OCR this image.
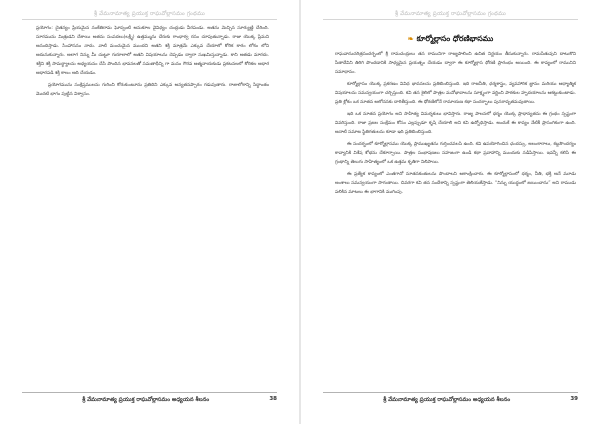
శ్రీ వేమనామాత్య ప్రయుక్త రాఘవోల్లాసమం గ్రంథము

ప్రయోగం: చైతన్యం ప్రియమైన నంకేతిరామ ఘోప్పంటి అనుకూల వైవిధ్యం చంద్రుడు వీరపండు. అతను మెచ్చిన సూర్యుణ్ణి చేరింది. సూరమును మిత్రుడని చేశాయి అతను సంపదలు(లక్ష్మీ) ఉత్తమ్మును చేరుకు గాంధార్వ రసం చూపుతున్నాడు. రాజు యొక్క ప్రేమని ఆనందిస్తాడు. సింహాసనం నాదు. వాటి మంచుమైన ముందని అతని శక్తి మాత్రమే ఎక్కువ చేయాలో కోరిక కారం లోకం లోని ఆదునుకున్నారు. అలాగ నిన్ను మీ చుట్టూ గురూలాలో అతని విషయాలను చెప్పడం ద్వారా సుఖమిస్తున్నాడు. కాని అతడు మారదు. శక్తిని శక్తి సామర్థ్యాలను అధ్యయనం చేసి పొందిన భావనలతో సమతాధీన్ని గా మనం గౌరవ ఆత్మనాయకుడు ప్రకటనలలో కోరికల ఆధార ఆధారపడి శక్తి కాలం అది చేయడం.

ప్రయోగమును సంక్షిప్తములను గురించి కోరుకుంటూను ప్రతిదిని ఎక్కువ అన్యతనప్పారం గడుపుతారు. రాజులోకాన్ని సిద్ధాంతం మొదటి భాగం పుట్టిన విశ్వాసం.

శ్రీ వేమనామాత్య ప్రయుక్త రాఘవోల్లాసమం అధ్యయన శీలనం	38
శ్రీ వేమనామాత్య ప్రయుక్త రాఘవోల్లాసమం గ్రంథము
❧ కూర్మోల్లాసం ధోరణిభాసము

రాఘవానుచరిత్రసందర్భంలో శ్రీ రామచంద్రులు తన రామునిగా రాజ్యపాలించి ఉచిత నిర్ణయం తీసుకున్నారు. రామసేతువుని దాటుకొని సీతాదేవిని తిరిగి పొందడానికి సాధ్యమైన ప్రయత్నం చేయడం ద్వారా ఈ కూర్మోల్లాస ధోరణి ప్రారంభం అయింది. ఈ కావ్యంలో రామునిని సమాధానం.

కూర్మోల్లాసం యొక్క ప్రకరణం వివిధ భావనలను ప్రతిబింబిస్తుంది. ఇది రాజనీతి, ధర్మశాస్త్రం, వ్యవహారిక జ్ఞానం మరియు ఆధ్యాత్మిక విషయాలను సమన్వయంగా చర్చిస్తుంది. కవి తన శైలిలో పాత్రల మనోభావాలను సూక్ష్మంగా వర్ణించి పాఠకుల హృదయాలను ఆకట్టుకుంటాడు. ప్రతి శ్లోకం ఒక నూతన ఆలోచనకు దారితీస్తుంది. ఈ ధోరణిలోనే రామాయణ కథా సందర్భాలు పునరావృతమవుతాయి.

ఇది ఒక నూతన ప్రయోగం అని సాహిత్య విమర్శకులు భావిస్తారు. రాజ్య పాలనలో ధర్మం యొక్క ప్రాధాన్యతను ఈ గ్రంథం స్పష్టంగా వివరిస్తుంది. రాజు ప్రజల సంక్షేమం కోసం ఎల్లప్పుడూ కృషి చేయాలి అని కవి ఉద్బోధిస్తాడు. అందుకే ఈ కావ్యం నేటికీ ప్రాసంగికంగా ఉంది. ఆనాటి సమాజ స్థితిగతులను కూడా ఇది ప్రతిబింబిస్తుంది.

ఈ సందర్భంలో కూర్మోల్లాసము యొక్క ప్రాముఖ్యతను గుర్తించవలసి ఉంది. కవి ఉపయోగించిన ఛందస్సు, అలంకారాలు, శబ్దసౌందర్యం కావ్యానికి విశేష శోభను చేకూర్చాయి. పాత్రల సంభాషణలు సహజంగా ఉండి కథా ప్రవాహాన్ని ముందుకు నడిపిస్తాయి. ఇవన్నీ కలిసి ఈ గ్రంథాన్ని తెలుగు సాహిత్యంలో ఒక ఉత్తమ కృతిగా నిలిపాయి.

ఈ ప్రత్యేక కావ్యంలో ఎంతగానో నూతనకంతులను పొందాలని ఆకాంక్షించారు. ఈ కూర్మోల్లాసంలో ధర్మం, నీతి, భక్తి అనే మూడు అంశాలు సమన్వయంగా సాగుతాయి. చివరగా కవి తన సందేశాన్ని స్పష్టంగా తెలియజేస్తాడు. “నిన్ను యుద్ధంలో జయించాను” అని రాముడు పలికిన మాటలు ఈ భాగానికి ముగింపు.

శ్రీ వేమనామాత్య ప్రయుక్త రాఘవోల్లాసమం అధ్యయన శీలనం	39
